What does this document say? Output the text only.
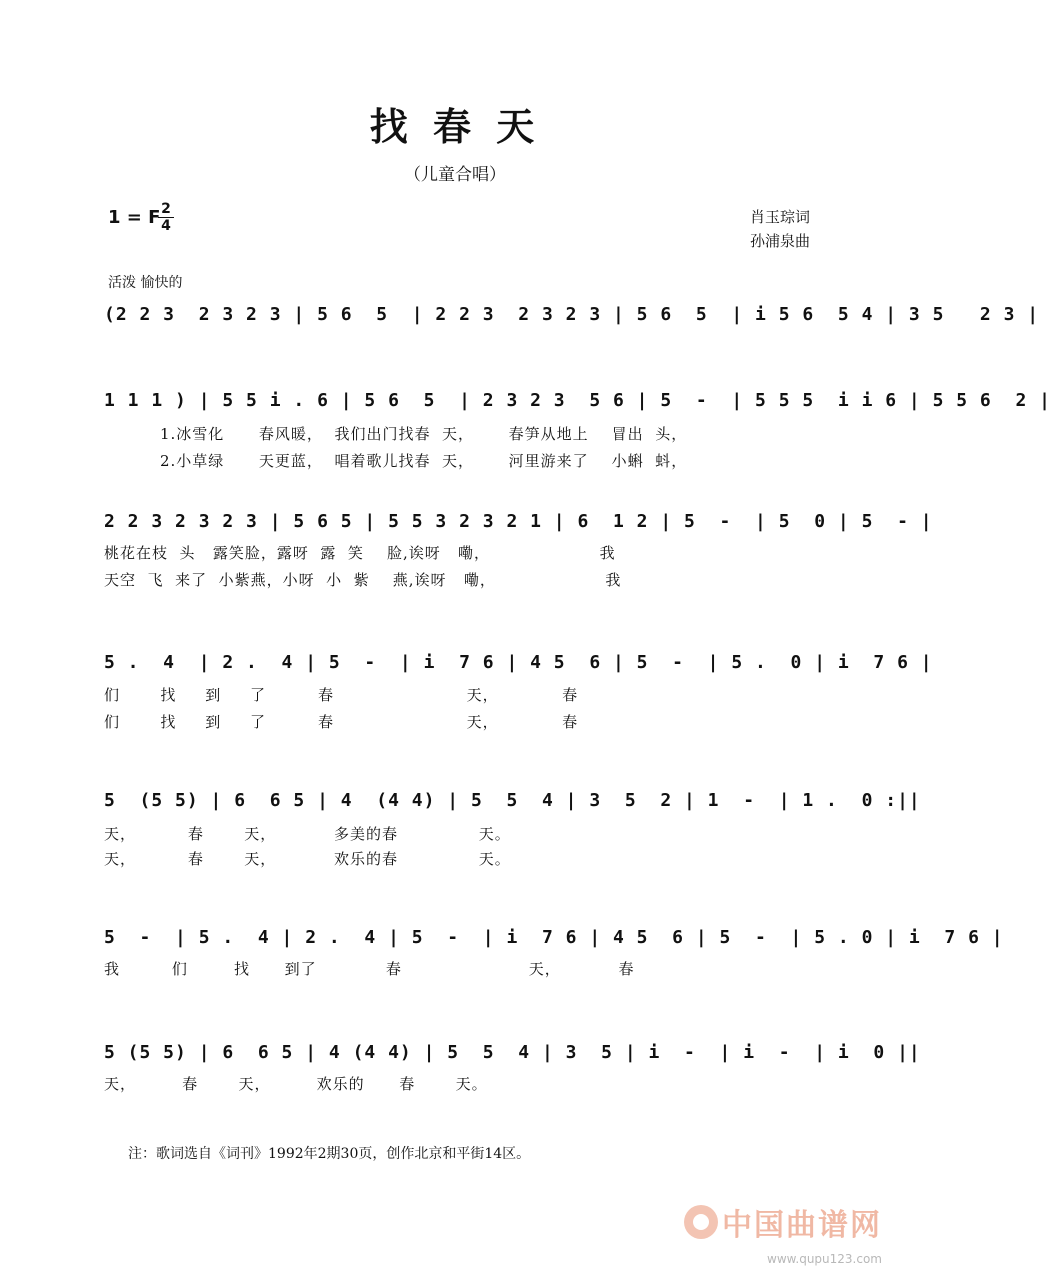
找 春 天
（儿童合唱）
1 = F 2
4	肖玉琮词
孙浦泉曲
活泼 愉快的
(2 2 3  2 3 2 3 | 5 6  5  | 2 2 3  2 3 2 3 | 5 6  5  | i 5 6  5 4 | 3 5   2 3 |
1 1 1 ) | 5 5 i . 6 | 5 6  5  | 2 3 2 3  5 6 | 5  -  | 5 5 5  i i 6 | 5 5 6  2 |
1.冰雪化      春风暖，  我们出门找春  天，      春笋从地上    冒出  头，
2.小草绿      天更蓝，  唱着歌儿找春  天，      河里游来了    小蝌  蚪，
2 2 3 2 3 2 3 | 5 6 5 | 5 5 3 2 3 2 1 | 6  1 2 | 5  -  | 5  0 | 5  - |
桃花在枝  头   露笑脸，露呀  露  笑    脸,诶呀   嘞，                   我
天空  飞  来了  小紫燕，小呀  小  紫    燕,诶呀   嘞，                   我
5 .  4  | 2 .  4 | 5  -  | i  7 6 | 4 5  6 | 5  -  | 5 .  0 | i  7 6 |
们       找     到     了         春                       天，           春
们       找     到     了         春                       天，           春
5  (5 5) | 6  6 5 | 4  (4 4) | 5  5  4 | 3  5  2 | 1  -  | 1 .  0 :||
天，         春       天，          多美的春              天。
天，         春       天，          欢乐的春              天。
5  -  | 5 .  4 | 2 .  4 | 5  -  | i  7 6 | 4 5  6 | 5  -  | 5 . 0 | i  7 6 |
我         们        找      到了            春                      天，          春
5 (5 5) | 6  6 5 | 4 (4 4) | 5  5  4 | 3  5 | i  -  | i  -  | i  0 ||
天，        春       天，        欢乐的      春       天。
注：歌词选自《词刊》1992年2期30页，创作北京和平街14区。
中国曲谱网
www.qupu123.com
